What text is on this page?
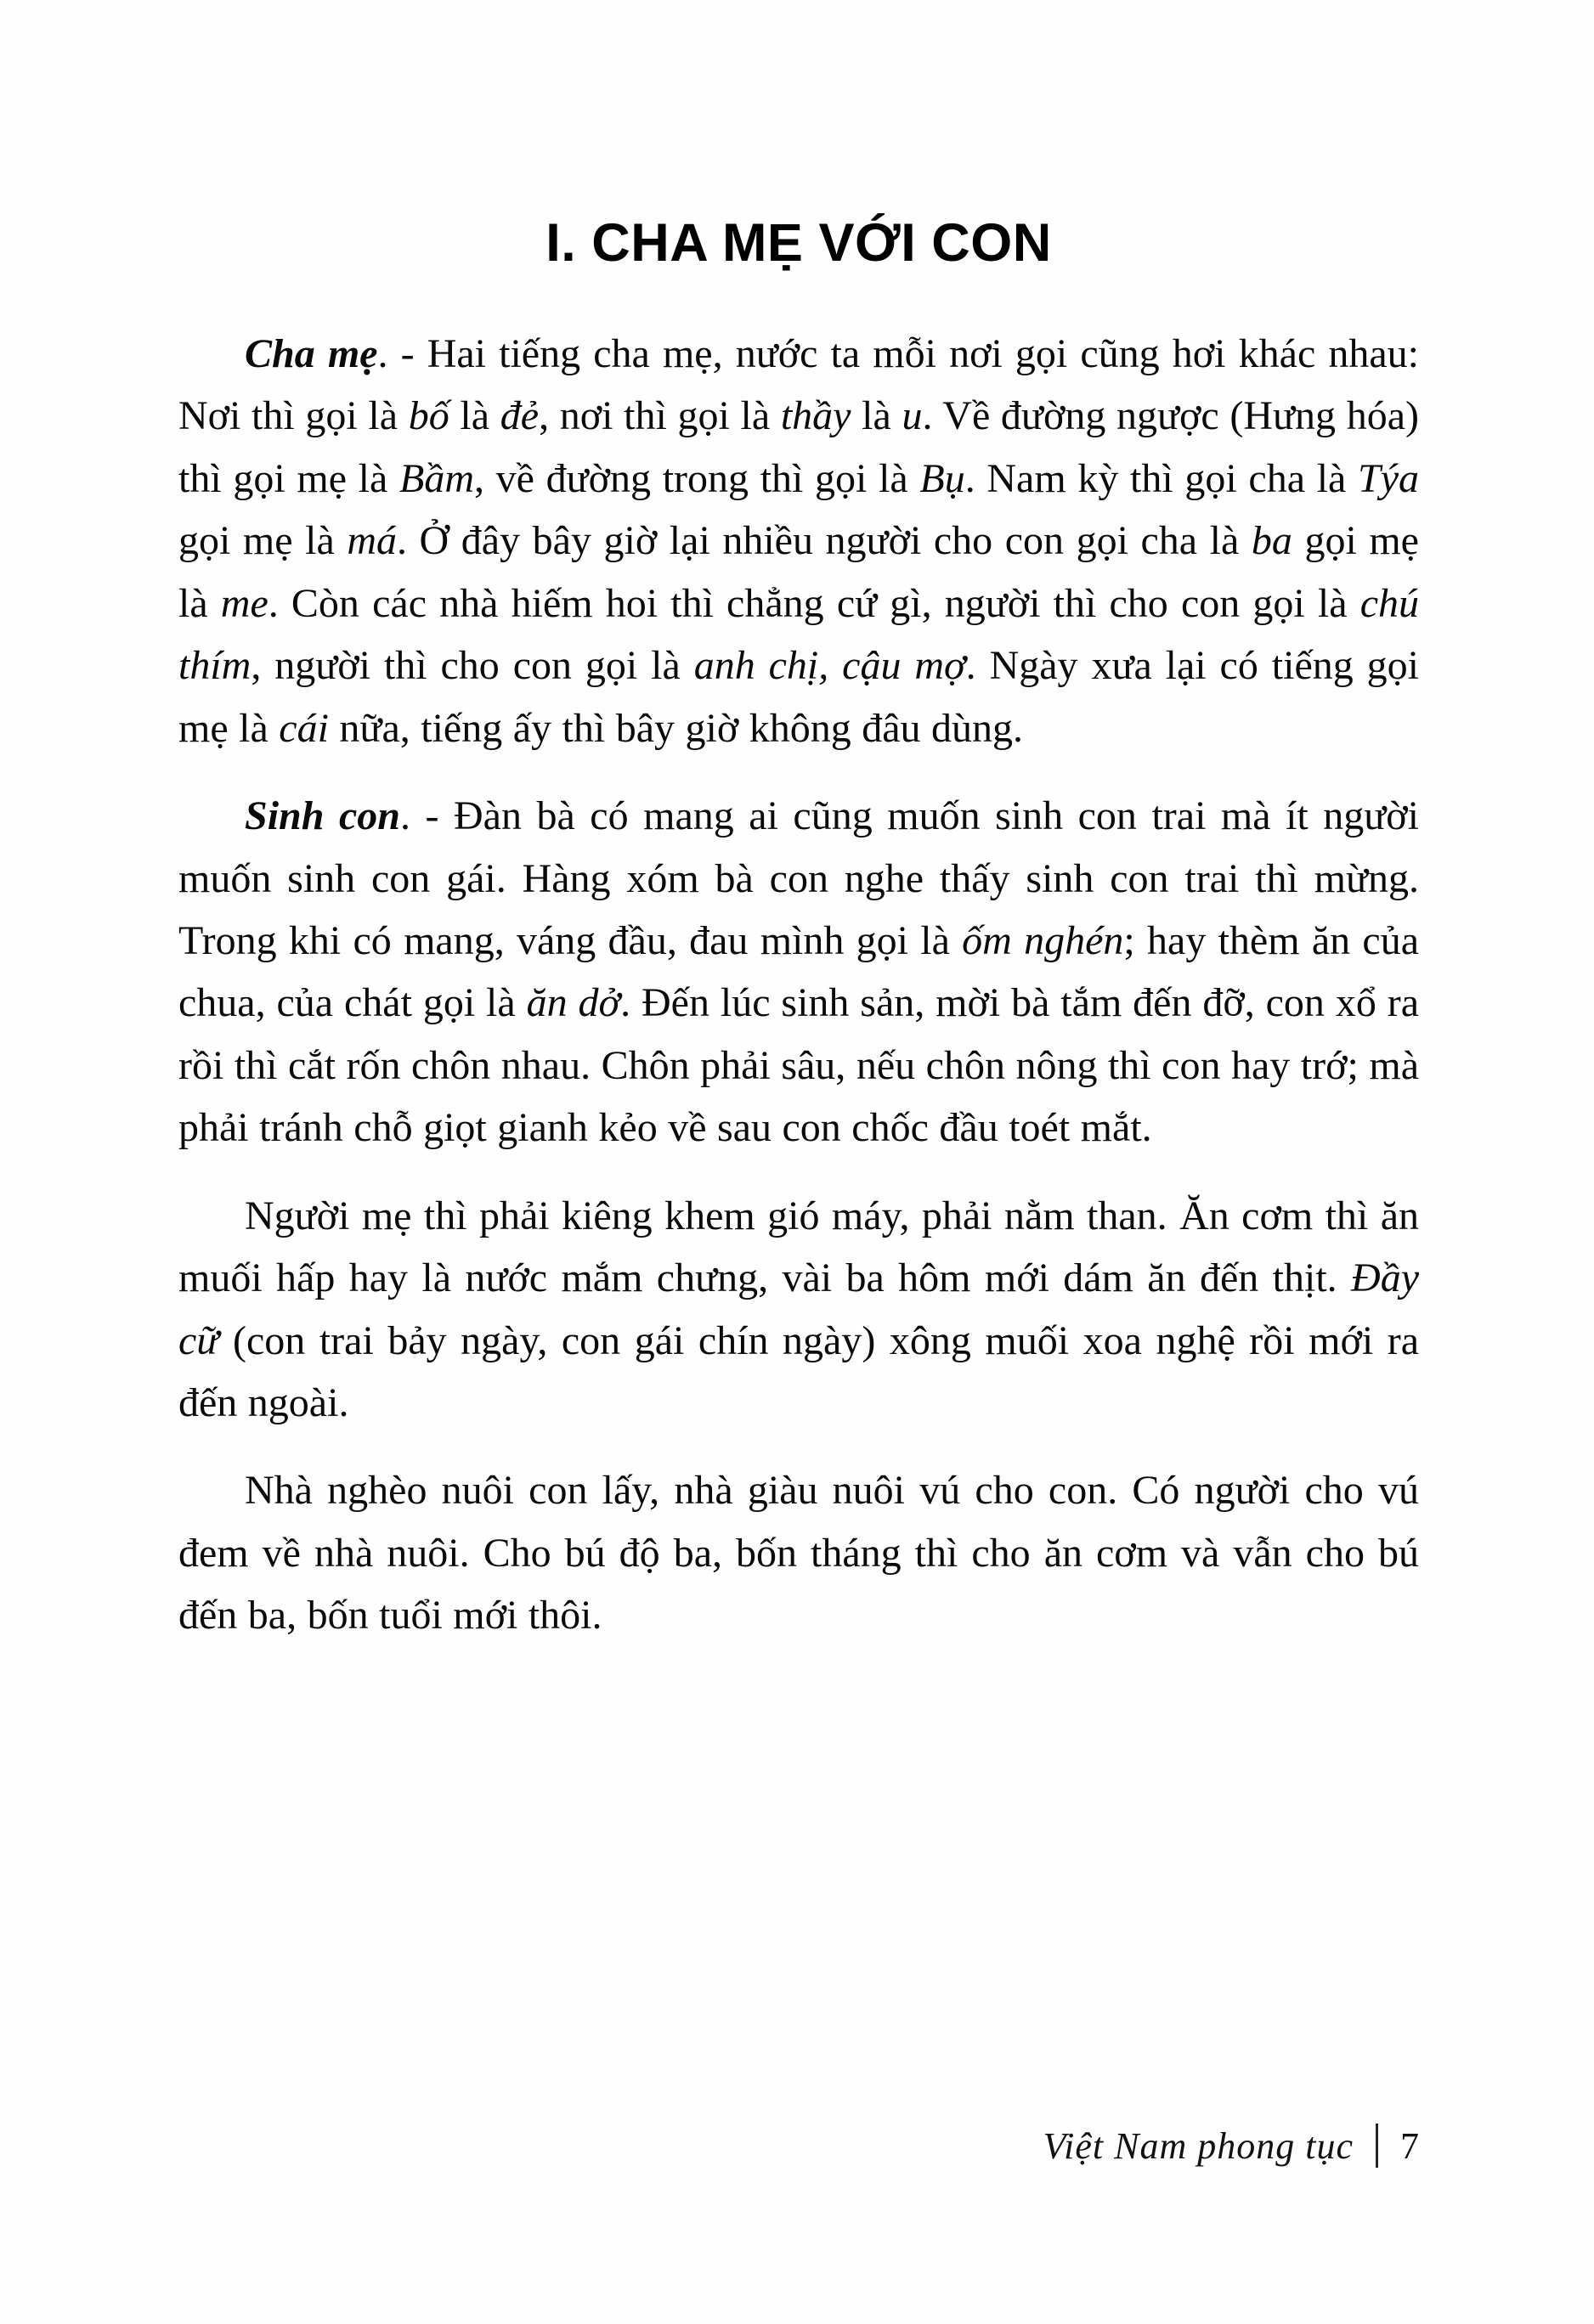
I. CHA MẸ VỚI CON

Cha mẹ. - Hai tiếng cha mẹ, nước ta mỗi nơi gọi cũng hơi khác nhau: Nơi thì gọi là bố là đẻ, nơi thì gọi là thầy là u. Về đường ngược (Hưng hóa) thì gọi mẹ là Bầm, về đường trong thì gọi là Bụ. Nam kỳ thì gọi cha là Týa gọi mẹ là má. Ở đây bây giờ lại nhiều người cho con gọi cha là ba gọi mẹ là me. Còn các nhà hiếm hoi thì chẳng cứ gì, người thì cho con gọi là chú thím, người thì cho con gọi là anh chị, cậu mợ. Ngày xưa lại có tiếng gọi mẹ là cái nữa, tiếng ấy thì bây giờ không đâu dùng.

Sinh con. - Đàn bà có mang ai cũng muốn sinh con trai mà ít người muốn sinh con gái. Hàng xóm bà con nghe thấy sinh con trai thì mừng. Trong khi có mang, váng đầu, đau mình gọi là ốm nghén; hay thèm ăn của chua, của chát gọi là ăn dở. Đến lúc sinh sản, mời bà tắm đến đỡ, con xổ ra rồi thì cắt rốn chôn nhau. Chôn phải sâu, nếu chôn nông thì con hay trớ; mà phải tránh chỗ giọt gianh kẻo về sau con chốc đầu toét mắt.

Người mẹ thì phải kiêng khem gió máy, phải nằm than. Ăn cơm thì ăn muối hấp hay là nước mắm chưng, vài ba hôm mới dám ăn đến thịt. Đầy cữ (con trai bảy ngày, con gái chín ngày) xông muối xoa nghệ rồi mới ra đến ngoài.

Nhà nghèo nuôi con lấy, nhà giàu nuôi vú cho con. Có người cho vú đem về nhà nuôi. Cho bú độ ba, bốn tháng thì cho ăn cơm và vẫn cho bú đến ba, bốn tuổi mới thôi.

Việt Nam phong tục 7
